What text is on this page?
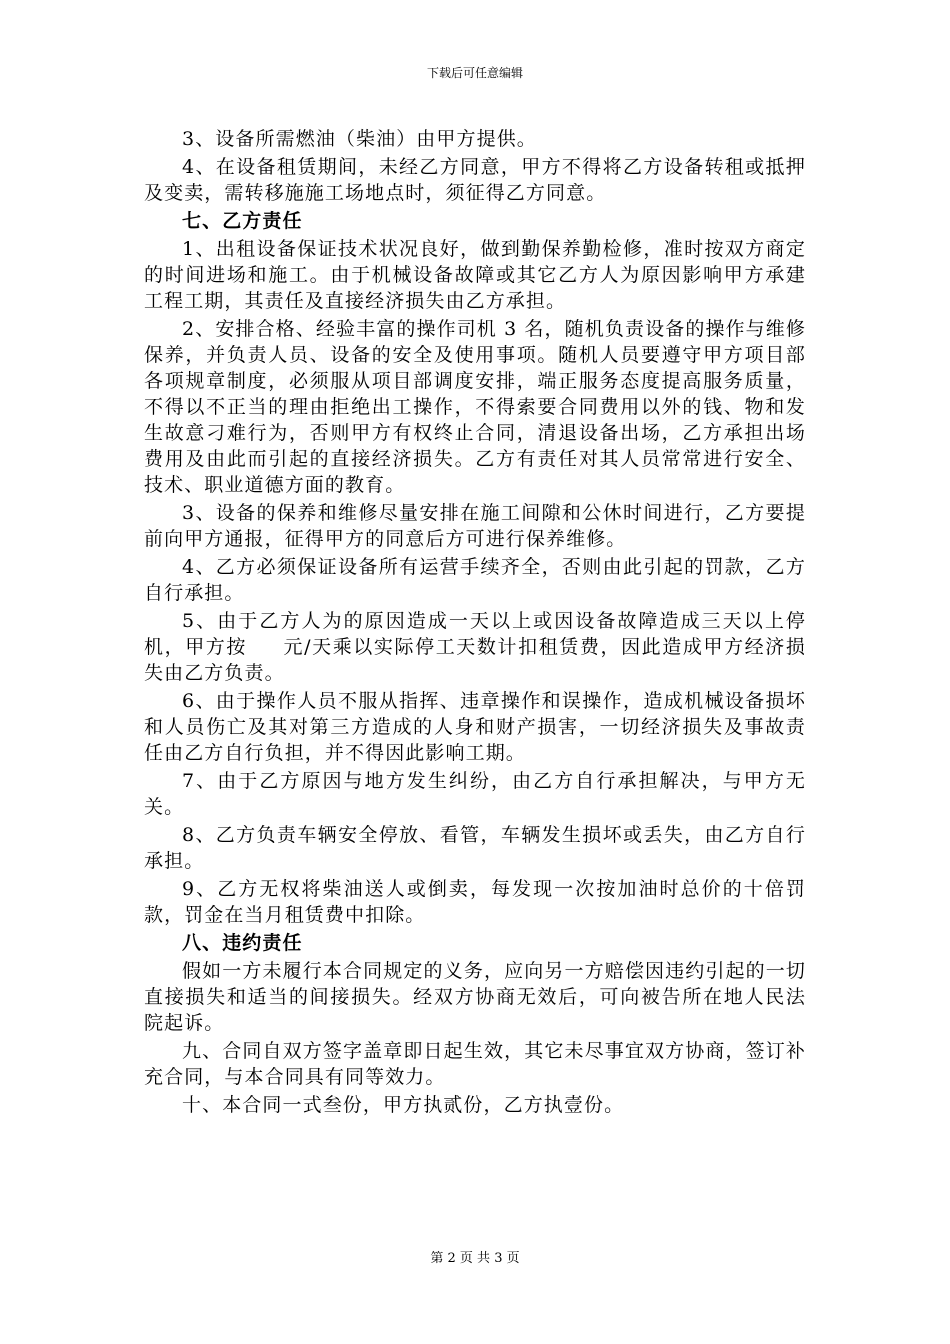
下载后可任意编辑

3、设备所需燃油（柴油）由甲方提供。

4、在设备租赁期间，未经乙方同意，甲方不得将乙方设备转租或抵押及变卖，需转移施施工场地点时，须征得乙方同意。

七、乙方责任

1、出租设备保证技术状况良好，做到勤保养勤检修，准时按双方商定的时间进场和施工。由于机械设备故障或其它乙方人为原因影响甲方承建工程工期，其责任及直接经济损失由乙方承担。

2、安排合格、经验丰富的操作司机 3 名，随机负责设备的操作与维修保养，并负责人员、设备的安全及使用事项。随机人员要遵守甲方项目部各项规章制度，必须服从项目部调度安排，端正服务态度提高服务质量，不得以不正当的理由拒绝出工操作，不得索要合同费用以外的钱、物和发生故意刁难行为，否则甲方有权终止合同，清退设备出场，乙方承担出场费用及由此而引起的直接经济损失。乙方有责任对其人员常常进行安全、技术、职业道德方面的教育。

3、设备的保养和维修尽量安排在施工间隙和公休时间进行，乙方要提前向甲方通报，征得甲方的同意后方可进行保养维修。

4、乙方必须保证设备所有运营手续齐全，否则由此引起的罚款，乙方自行承担。

5、由于乙方人为的原因造成一天以上或因设备故障造成三天以上停机，甲方按 元/天乘以实际停工天数计扣租赁费，因此造成甲方经济损失由乙方负责。

6、由于操作人员不服从指挥、违章操作和误操作，造成机械设备损坏和人员伤亡及其对第三方造成的人身和财产损害，一切经济损失及事故责任由乙方自行负担，并不得因此影响工期。

7、由于乙方原因与地方发生纠纷，由乙方自行承担解决，与甲方无关。

8、乙方负责车辆安全停放、看管，车辆发生损坏或丢失，由乙方自行承担。

9、乙方无权将柴油送人或倒卖，每发现一次按加油时总价的十倍罚款，罚金在当月租赁费中扣除。

八、违约责任

假如一方未履行本合同规定的义务，应向另一方赔偿因违约引起的一切直接损失和适当的间接损失。经双方协商无效后，可向被告所在地人民法院起诉。

九、合同自双方签字盖章即日起生效，其它未尽事宜双方协商，签订补充合同，与本合同具有同等效力。

十、本合同一式叁份，甲方执贰份，乙方执壹份。

第 2 页 共 3 页
